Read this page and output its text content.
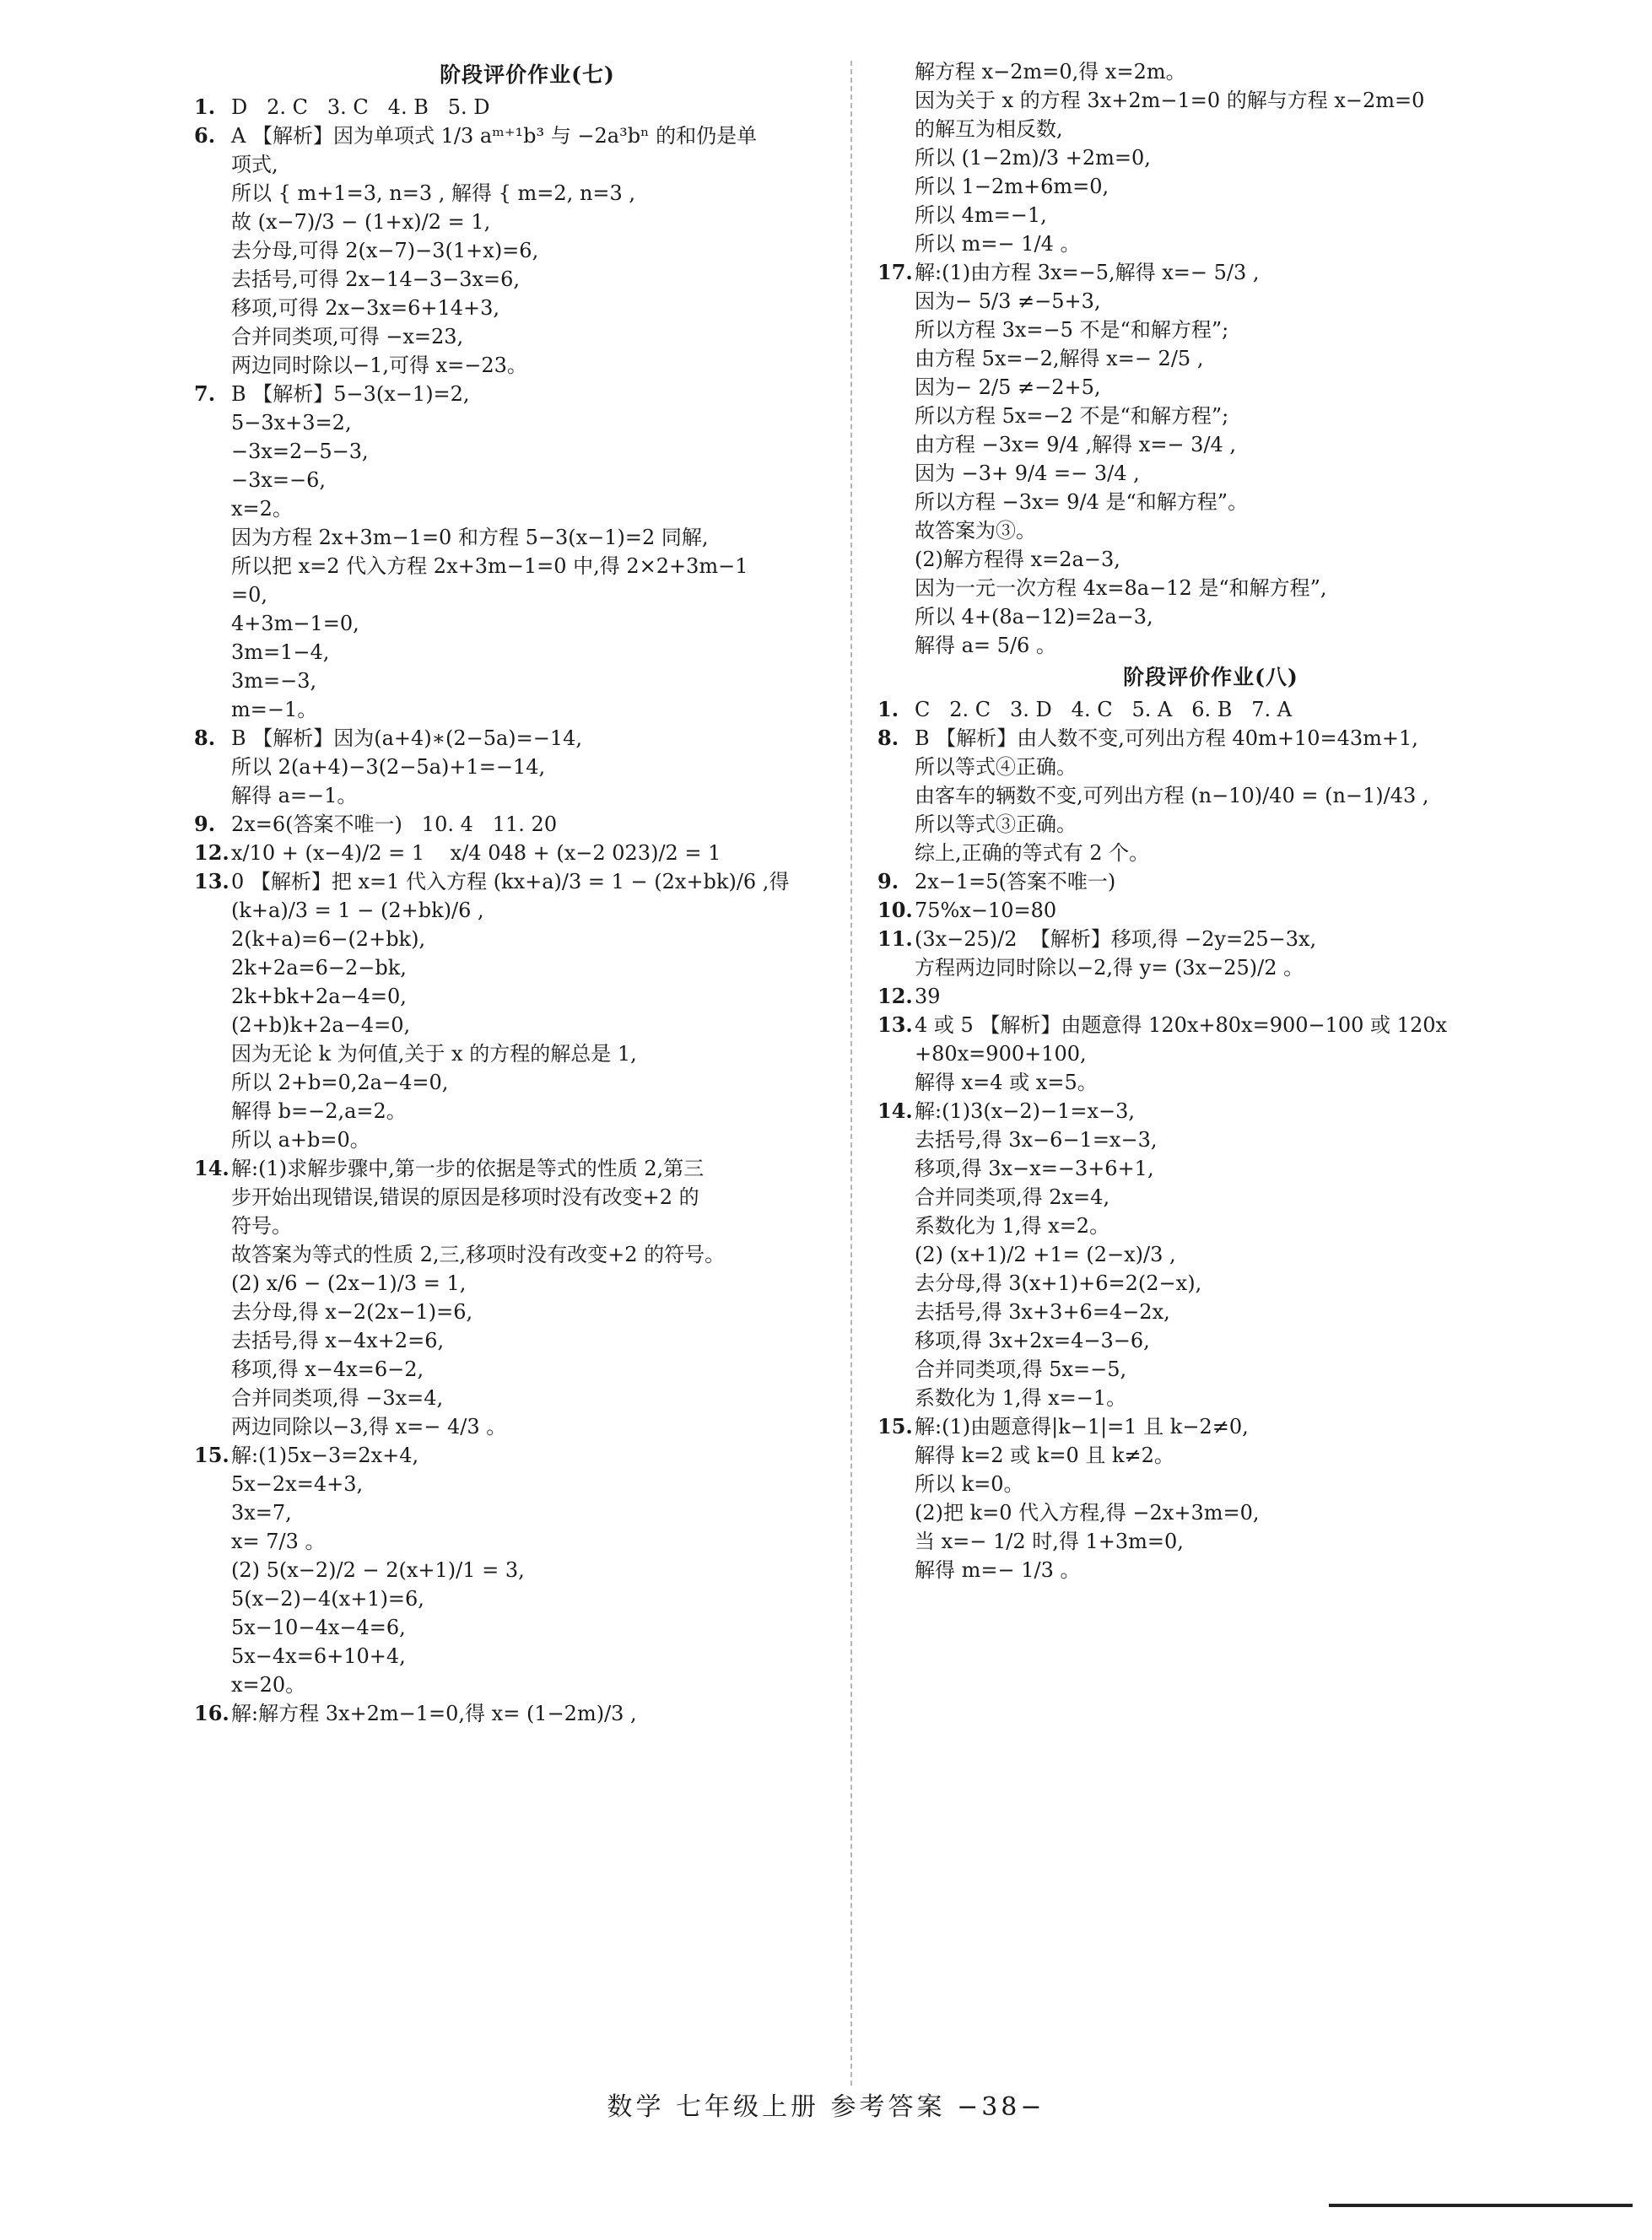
阶段评价作业(七)
1. D   2. C   3. C   4. B   5. D
6. A 【解析】因为单项式 1/3 aᵐ⁺¹b³ 与 −2a³bⁿ 的和仍是单
项式,
所以 { m+1=3, n=3 , 解得 { m=2, n=3 ,
故 (x−7)/3 − (1+x)/2 = 1,
去分母,可得 2(x−7)−3(1+x)=6,
去括号,可得 2x−14−3−3x=6,
移项,可得 2x−3x=6+14+3,
合并同类项,可得 −x=23,
两边同时除以−1,可得 x=−23。
7. B 【解析】5−3(x−1)=2,
5−3x+3=2,
−3x=2−5−3,
−3x=−6,
x=2。
因为方程 2x+3m−1=0 和方程 5−3(x−1)=2 同解,
所以把 x=2 代入方程 2x+3m−1=0 中,得 2×2+3m−1
=0,
4+3m−1=0,
3m=1−4,
3m=−3,
m=−1。
8. B 【解析】因为(a+4)∗(2−5a)=−14,
所以 2(a+4)−3(2−5a)+1=−14,
解得 a=−1。
9. 2x=6(答案不唯一)   10. 4   11. 20
12. x/10 + (x−4)/2 = 1    x/4 048 + (x−2 023)/2 = 1
13. 0 【解析】把 x=1 代入方程 (kx+a)/3 = 1 − (2x+bk)/6 ,得
(k+a)/3 = 1 − (2+bk)/6 ,
2(k+a)=6−(2+bk),
2k+2a=6−2−bk,
2k+bk+2a−4=0,
(2+b)k+2a−4=0,
因为无论 k 为何值,关于 x 的方程的解总是 1,
所以 2+b=0,2a−4=0,
解得 b=−2,a=2。
所以 a+b=0。
14. 解:(1)求解步骤中,第一步的依据是等式的性质 2,第三
步开始出现错误,错误的原因是移项时没有改变+2 的
符号。
故答案为等式的性质 2,三,移项时没有改变+2 的符号。
(2) x/6 − (2x−1)/3 = 1,
去分母,得 x−2(2x−1)=6,
去括号,得 x−4x+2=6,
移项,得 x−4x=6−2,
合并同类项,得 −3x=4,
两边同除以−3,得 x=− 4/3 。
15. 解:(1)5x−3=2x+4,
5x−2x=4+3,
3x=7,
x= 7/3 。
(2) 5(x−2)/2 − 2(x+1)/1 = 3,
5(x−2)−4(x+1)=6,
5x−10−4x−4=6,
5x−4x=6+10+4,
x=20。
16. 解:解方程 3x+2m−1=0,得 x= (1−2m)/3 ,
解方程 x−2m=0,得 x=2m。
因为关于 x 的方程 3x+2m−1=0 的解与方程 x−2m=0
的解互为相反数,
所以 (1−2m)/3 +2m=0,
所以 1−2m+6m=0,
所以 4m=−1,
所以 m=− 1/4 。
17. 解:(1)由方程 3x=−5,解得 x=− 5/3 ,
因为− 5/3 ≠−5+3,
所以方程 3x=−5 不是“和解方程”;
由方程 5x=−2,解得 x=− 2/5 ,
因为− 2/5 ≠−2+5,
所以方程 5x=−2 不是“和解方程”;
由方程 −3x= 9/4 ,解得 x=− 3/4 ,
因为 −3+ 9/4 =− 3/4 ,
所以方程 −3x= 9/4 是“和解方程”。
故答案为③。
(2)解方程得 x=2a−3,
因为一元一次方程 4x=8a−12 是“和解方程”,
所以 4+(8a−12)=2a−3,
解得 a= 5/6 。
阶段评价作业(八)
1. C   2. C   3. D   4. C   5. A   6. B   7. A
8. B 【解析】由人数不变,可列出方程 40m+10=43m+1,
所以等式④正确。
由客车的辆数不变,可列出方程 (n−10)/40 = (n−1)/43 ,
所以等式③正确。
综上,正确的等式有 2 个。
9. 2x−1=5(答案不唯一)
10. 75%x−10=80
11. (3x−25)/2  【解析】移项,得 −2y=25−3x,
方程两边同时除以−2,得 y= (3x−25)/2 。
12. 39
13. 4 或 5 【解析】由题意得 120x+80x=900−100 或 120x
+80x=900+100,
解得 x=4 或 x=5。
14. 解:(1)3(x−2)−1=x−3,
去括号,得 3x−6−1=x−3,
移项,得 3x−x=−3+6+1,
合并同类项,得 2x=4,
系数化为 1,得 x=2。
(2) (x+1)/2 +1= (2−x)/3 ,
去分母,得 3(x+1)+6=2(2−x),
去括号,得 3x+3+6=4−2x,
移项,得 3x+2x=4−3−6,
合并同类项,得 5x=−5,
系数化为 1,得 x=−1。
15. 解:(1)由题意得|k−1|=1 且 k−2≠0,
解得 k=2 或 k=0 且 k≠2。
所以 k=0。
(2)把 k=0 代入方程,得 −2x+3m=0,
当 x=− 1/2 时,得 1+3m=0,
解得 m=− 1/3 。
数学 七年级上册 参考答案 −38−
